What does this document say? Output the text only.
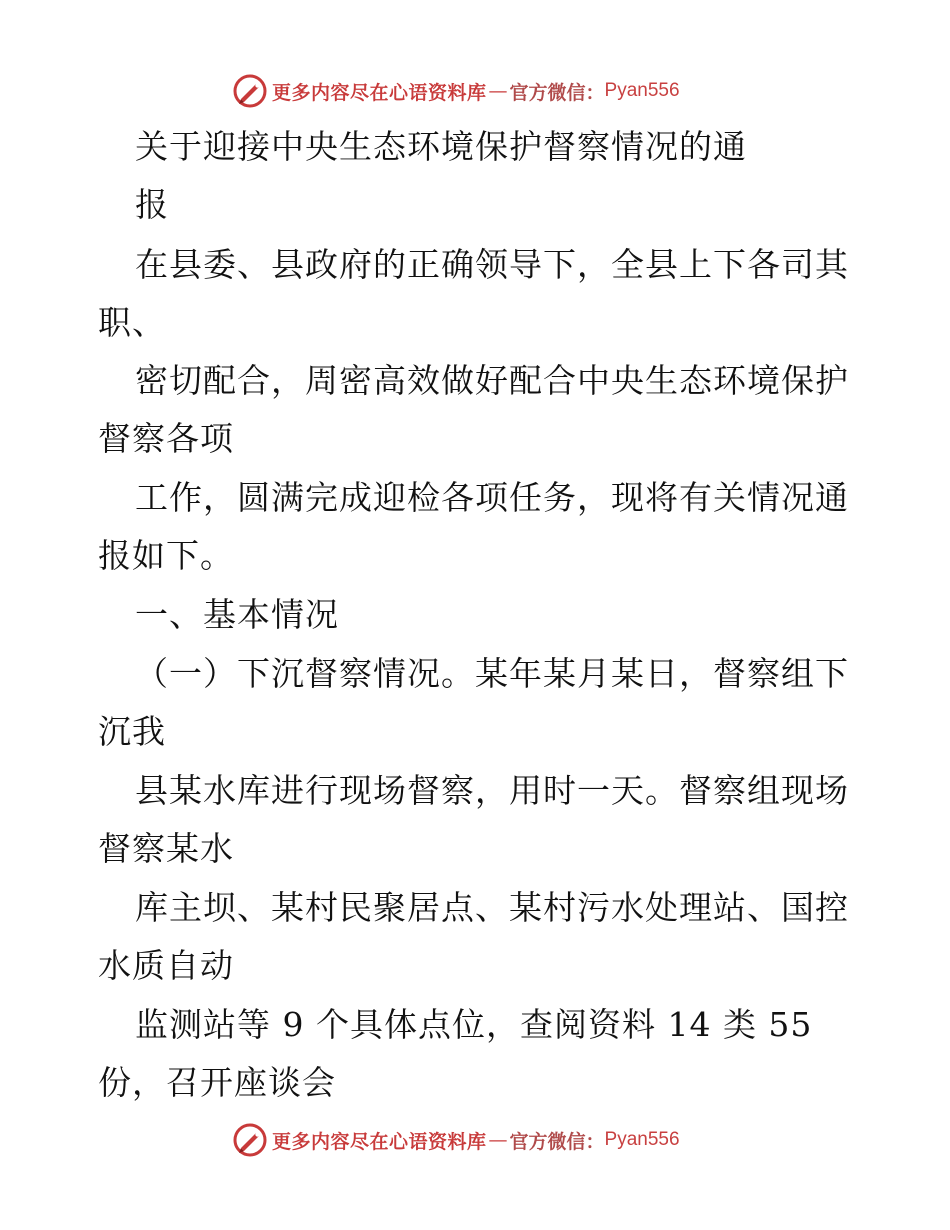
更多内容尽在心语资料库 — 官方微信： Pyan556
关于迎接中央生态环境保护督察情况的通
报
在县委、县政府的正确领导下，全县上下各司其
职、
密切配合，周密高效做好配合中央生态环境保护
督察各项
工作，圆满完成迎检各项任务，现将有关情况通
报如下。
一、基本情况
（一）下沉督察情况。某年某月某日，督察组下
沉我
县某水库进行现场督察，用时一天。督察组现场
督察某水
库主坝、某村民聚居点、某村污水处理站、国控
水质自动
监测站等 9 个具体点位，查阅资料 14 类 55
份，召开座谈会
更多内容尽在心语资料库 — 官方微信： Pyan556
